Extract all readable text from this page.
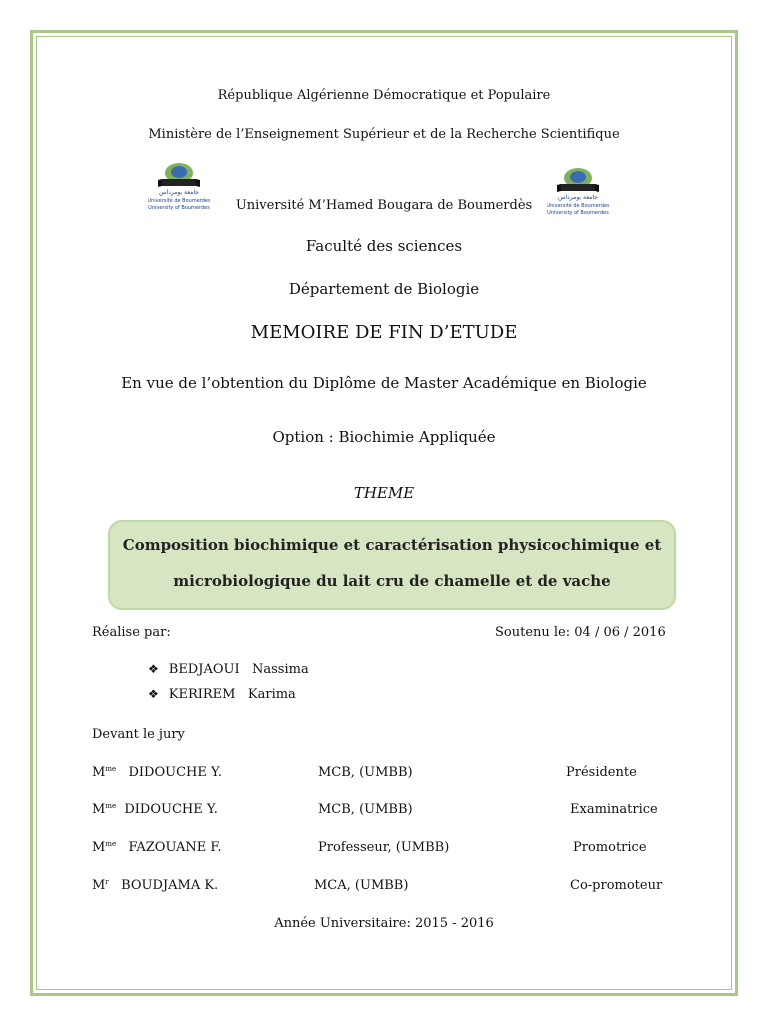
République Algérienne Démocratique et Populaire
Ministère de l’Enseignement Supérieur et de la Recherche Scientifique
جامعة بومرداس
Université de Boumerdes
University of Boumerdes
جامعة بومرداس
Université de Boumerdes
University of Boumerdes
Université M’Hamed Bougara de Boumerdès
Faculté des sciences
Département de Biologie
MEMOIRE DE FIN D’ETUDE
En vue de l’obtention du Diplôme de Master Académique en Biologie
Option : Biochimie Appliquée
THEME
Composition biochimique et caractérisation physicochimique et
microbiologique du lait cru de chamelle et de vache
Réalise par:	Soutenu le: 04 / 06 / 2016
❖ BEDJAOUI Nassima
❖ KERIREM Karima
Devant le jury
$M^{me}$ DIDOUCHE Y.	MCB, (UMBB)	Présidente
$M^{me}$ DIDOUCHE Y.	MCB, (UMBB)	Examinatrice
$M^{me}$ FAZOUANE F.	Professeur, (UMBB)	Promotrice
$M^r$ BOUDJAMA K.	MCA, (UMBB)	Co-promoteur
Année Universitaire: 2015 - 2016
